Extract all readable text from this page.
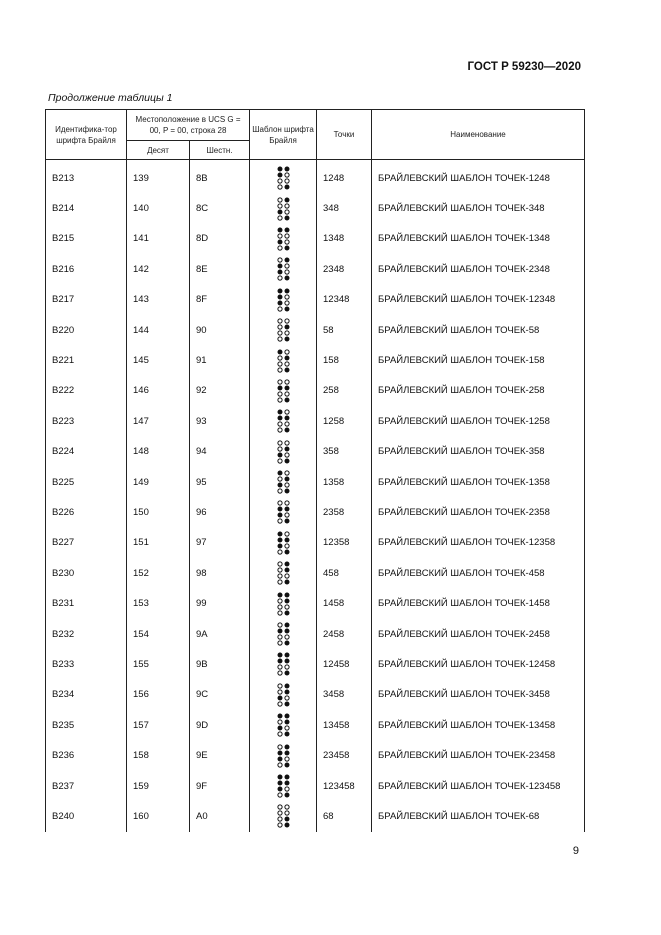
ГОСТ Р 59230—2020
Продолжение таблицы 1
Идентифика-тор шрифта Брайля	Местоположение в UCS G = 00, P = 00, строка 28		Шаблон шрифта Брайля	Точки	Наименование
	Десят	Шестн.			
B213	139	8B		1248	БРАЙЛЕВСКИЙ ШАБЛОН ТОЧЕК-1248
B214	140	8C		348	БРАЙЛЕВСКИЙ ШАБЛОН ТОЧЕК-348
B215	141	8D		1348	БРАЙЛЕВСКИЙ ШАБЛОН ТОЧЕК-1348
B216	142	8E		2348	БРАЙЛЕВСКИЙ ШАБЛОН ТОЧЕК-2348
B217	143	8F		12348	БРАЙЛЕВСКИЙ ШАБЛОН ТОЧЕК-12348
B220	144	90		58	БРАЙЛЕВСКИЙ ШАБЛОН ТОЧЕК-58
B221	145	91		158	БРАЙЛЕВСКИЙ ШАБЛОН ТОЧЕК-158
B222	146	92		258	БРАЙЛЕВСКИЙ ШАБЛОН ТОЧЕК-258
B223	147	93		1258	БРАЙЛЕВСКИЙ ШАБЛОН ТОЧЕК-1258
B224	148	94		358	БРАЙЛЕВСКИЙ ШАБЛОН ТОЧЕК-358
B225	149	95		1358	БРАЙЛЕВСКИЙ ШАБЛОН ТОЧЕК-1358
B226	150	96		2358	БРАЙЛЕВСКИЙ ШАБЛОН ТОЧЕК-2358
B227	151	97		12358	БРАЙЛЕВСКИЙ ШАБЛОН ТОЧЕК-12358
B230	152	98		458	БРАЙЛЕВСКИЙ ШАБЛОН ТОЧЕК-458
B231	153	99		1458	БРАЙЛЕВСКИЙ ШАБЛОН ТОЧЕК-1458
B232	154	9A		2458	БРАЙЛЕВСКИЙ ШАБЛОН ТОЧЕК-2458
B233	155	9B		12458	БРАЙЛЕВСКИЙ ШАБЛОН ТОЧЕК-12458
B234	156	9C		3458	БРАЙЛЕВСКИЙ ШАБЛОН ТОЧЕК-3458
B235	157	9D		13458	БРАЙЛЕВСКИЙ ШАБЛОН ТОЧЕК-13458
B236	158	9E		23458	БРАЙЛЕВСКИЙ ШАБЛОН ТОЧЕК-23458
B237	159	9F		123458	БРАЙЛЕВСКИЙ ШАБЛОН ТОЧЕК-123458
B240	160	A0		68	БРАЙЛЕВСКИЙ ШАБЛОН ТОЧЕК-68
9
